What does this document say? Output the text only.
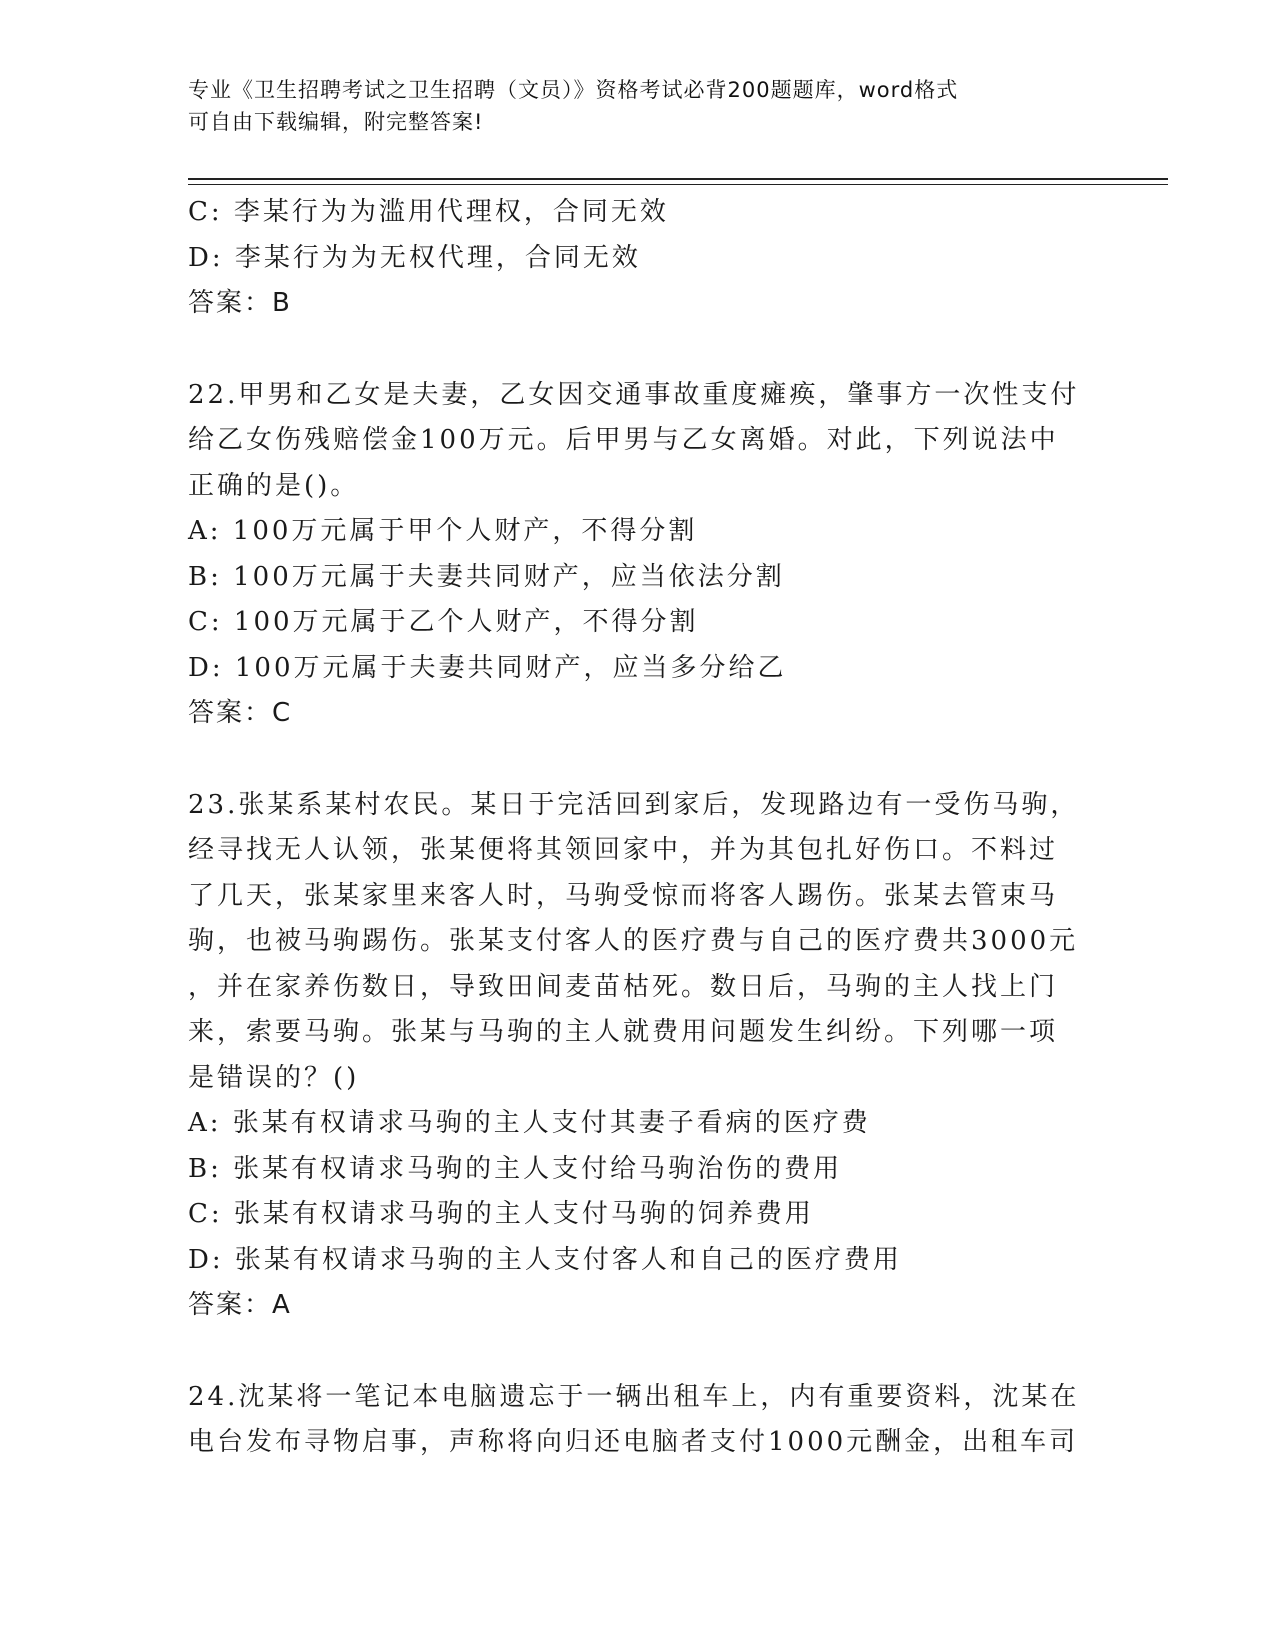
专业《卫生招聘考试之卫生招聘（文员）》资格考试必背200题题库，word格式
可自由下载编辑，附完整答案!
C: 李某行为为滥用代理权，合同无效
D: 李某行为为无权代理，合同无效
答案：B
22.甲男和乙女是夫妻，乙女因交通事故重度瘫痪，肇事方一次性支付
给乙女伤残赔偿金100万元。后甲男与乙女离婚。对此，下列说法中
正确的是()。
A: 100万元属于甲个人财产，不得分割
B: 100万元属于夫妻共同财产，应当依法分割
C: 100万元属于乙个人财产，不得分割
D: 100万元属于夫妻共同财产，应当多分给乙
答案：C
23.张某系某村农民。某日于完活回到家后，发现路边有一受伤马驹，
经寻找无人认领，张某便将其领回家中，并为其包扎好伤口。不料过
了几天，张某家里来客人时，马驹受惊而将客人踢伤。张某去管束马
驹，也被马驹踢伤。张某支付客人的医疗费与自己的医疗费共3000元
，并在家养伤数日，导致田间麦苗枯死。数日后，马驹的主人找上门
来，索要马驹。张某与马驹的主人就费用问题发生纠纷。下列哪一项
是错误的？()
A: 张某有权请求马驹的主人支付其妻子看病的医疗费
B: 张某有权请求马驹的主人支付给马驹治伤的费用
C: 张某有权请求马驹的主人支付马驹的饲养费用
D: 张某有权请求马驹的主人支付客人和自己的医疗费用
答案：A
24.沈某将一笔记本电脑遗忘于一辆出租车上，内有重要资料，沈某在
电台发布寻物启事，声称将向归还电脑者支付1000元酬金，出租车司
